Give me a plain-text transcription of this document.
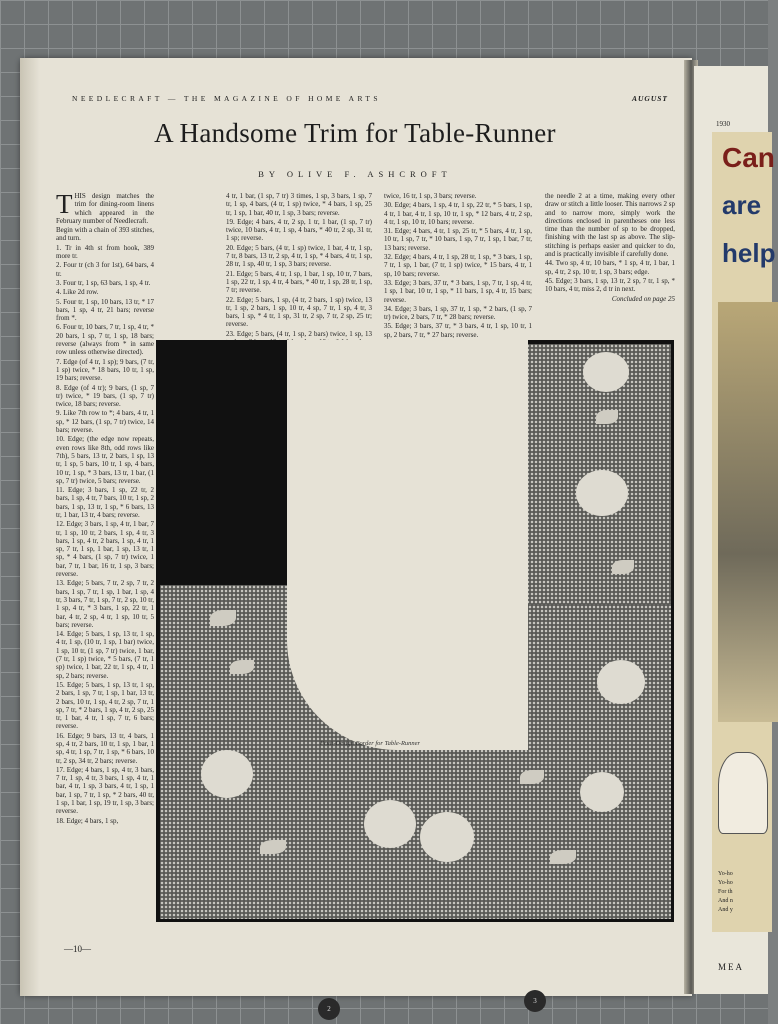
1930
Can
are
help
Yo-ho
Yo-ho
For th
And n
And y
MEA
NEEDLECRAFT — THE MAGAZINE OF HOME ARTS	AUGUST
A Handsome Trim for Table-Runner
BY OLIVE F. ASHCROFT

THIS design matches the trim for dining-room linens which appeared in the February number of Needlecraft.

Begin with a chain of 393 stitches, and turn.

1. Tr in 4th st from hook, 389 more tr.

2. Four tr (ch 3 for 1st), 64 bars, 4 tr.

3. Four tr, 1 sp, 63 bars, 1 sp, 4 tr.

4. Like 2d row.

5. Four tr, 1 sp, 10 bars, 13 tr, * 17 bars, 1 sp, 4 tr, 21 bars; reverse from *.

6. Four tr, 10 bars, 7 tr, 1 sp, 4 tr, * 20 bars, 1 sp, 7 tr, 1 sp, 18 bars; reverse (always from * in same row unless otherwise directed).

7. Edge (of 4 tr, 1 sp); 9 bars, (7 tr, 1 sp) twice, * 18 bars, 10 tr, 1 sp, 19 bars; reverse.

8. Edge (of 4 tr); 9 bars, (1 sp, 7 tr) twice, * 19 bars, (1 sp, 7 tr) twice, 18 bars; reverse.

9. Like 7th row to *; 4 bars, 4 tr, 1 sp, * 12 bars, (1 sp, 7 tr) twice, 14 bars; reverse.

10. Edge; (the edge now repeats, even rows like 8th, odd rows like 7th), 5 bars, 13 tr, 2 bars, 1 sp, 13 tr, 1 sp, 5 bars, 10 tr, 1 sp, 4 bars, 10 tr, 1 sp, * 3 bars, 13 tr, 1 bar, (1 sp, 7 tr) twice, 5 bars; reverse.

11. Edge; 3 bars, 1 sp, 22 tr, 2 bars, 1 sp, 4 tr, 7 bars, 10 tr, 1 sp, 2 bars, 1 sp, 13 tr, 1 sp, * 6 bars, 13 tr, 1 bar, 13 tr, 4 bars; reverse.

12. Edge; 3 bars, 1 sp, 4 tr, 1 bar, 7 tr, 1 sp, 10 tr, 2 bars, 1 sp, 4 tr, 3 bars, 1 sp, 4 tr, 2 bars, 1 sp, 4 tr, 1 sp, 7 tr, 1 sp, 1 bar, 1 sp, 13 tr, 1 sp, * 4 bars, (1 sp, 7 tr) twice, 1 bar, 7 tr, 1 bar, 16 tr, 1 sp, 3 bars; reverse.

13. Edge; 5 bars, 7 tr, 2 sp, 7 tr, 2 bars, 1 sp, 7 tr, 1 sp, 1 bar, 1 sp, 4 tr, 3 bars, 7 tr, 1 sp, 7 tr, 2 sp, 10 tr, 1 sp, 4 tr, * 3 bars, 1 sp, 22 tr, 1 bar, 4 tr, 2 sp, 4 tr, 1 sp, 10 tr, 5 bars; reverse.

14. Edge; 5 bars, 1 sp, 13 tr, 1 sp, 4 tr, 1 sp, (10 tr, 1 sp, 1 bar) twice, 1 sp, 10 tr, (1 sp, 7 tr) twice, 1 bar, (7 tr, 1 sp) twice, * 5 bars, (7 tr, 1 sp) twice, 1 bar, 22 tr, 1 sp, 4 tr, 1 sp, 2 bars; reverse.

15. Edge; 5 bars, 1 sp, 13 tr, 1 sp, 2 bars, 1 sp, 7 tr, 1 sp, 1 bar, 13 tr, 2 bars, 10 tr, 1 sp, 4 tr, 2 sp, 7 tr, 1 sp, 7 tr, * 2 bars, 1 sp, 4 tr, 2 sp, 25 tr, 1 bar, 4 tr, 1 sp, 7 tr, 6 bars; reverse.

16. Edge; 9 bars, 13 tr, 4 bars, 1 sp, 4 tr, 2 bars, 10 tr, 1 sp, 1 bar, 1 sp, 4 tr, 1 sp, 7 tr, 1 sp, * 6 bars, 10 tr, 2 sp, 34 tr, 2 bars; reverse.

17. Edge; 4 bars, 1 sp, 4 tr, 3 bars, 7 tr, 1 sp, 4 tr, 3 bars, 1 sp, 4 tr, 1 bar, 4 tr, 1 sp, 3 bars, 4 tr, 1 sp, 1 bar, 1 sp, 7 tr, 1 sp, * 2 bars, 40 tr, 1 sp, 1 bar, 1 sp, 19 tr, 1 sp, 3 bars; reverse.

18. Edge; 4 bars, 1 sp,

4 tr, 1 bar, (1 sp, 7 tr) 3 times, 1 sp, 3 bars, 1 sp, 7 tr, 1 sp, 4 bars, (4 tr, 1 sp) twice, * 4 bars, 1 sp, 25 tr, 1 sp, 1 bar, 40 tr, 1 sp, 3 bars; reverse.

19. Edge; 4 bars, 4 tr, 2 sp, 1 tr, 1 bar, (1 sp, 7 tr) twice, 10 bars, 4 tr, 1 sp, 4 bars, * 40 tr, 2 sp, 31 tr, 1 sp; reverse.

20. Edge; 5 bars, (4 tr, 1 sp) twice, 1 bar, 4 tr, 1 sp, 7 tr, 8 bars, 13 tr, 2 sp, 4 tr, 1 sp, * 4 bars, 4 tr, 1 sp, 28 tr, 1 sp, 40 tr, 1 sp, 3 bars; reverse.

21. Edge; 5 bars, 4 tr, 1 sp, 1 bar, 1 sp, 10 tr, 7 bars, 1 sp, 22 tr, 1 sp, 4 tr, 4 bars, * 40 tr, 1 sp, 28 tr, 1 sp, 7 tr; reverse.

22. Edge; 5 bars, 1 sp, (4 tr, 2 bars, 1 sp) twice, 13 tr, 1 sp, 2 bars, 1 sp, 10 tr, 4 sp, 7 tr, 1 sp, 4 tr, 3 bars, 1 sp, * 4 tr, 1 sp, 31 tr, 2 sp, 7 tr, 2 sp, 25 tr; reverse.

23. Edge; 5 bars, (4 tr, 1 sp, 2 bars) twice, 1 sp, 13

twice, 16 tr, 1 sp, 3 bars; reverse.

30. Edge; 4 bars, 1 sp, 4 tr, 1 sp, 22 tr, * 5 bars, 1 sp, 4 tr, 1 bar, 4 tr, 1 sp, 10 tr, 1 sp, * 12 bars, 4 tr, 2 sp, 4 tr, 1 sp, 10 tr, 10 bars; reverse.

31. Edge; 4 bars, 4 tr, 1 sp, 25 tr, * 5 bars, 4 tr, 1 sp, 10 tr, 1 sp, 7 tr, * 10 bars, 1 sp, 7 tr, 1 sp, 1 bar, 7 tr, 13 bars; reverse.

32. Edge; 4 bars, 4 tr, 1 sp, 28 tr, 1 sp, * 3 bars, 1 sp, 7 tr, 1 sp, 1 bar, (7 tr, 1 sp) twice, * 15 bars, 4 tr, 1 sp, 10 bars; reverse.

33. Edge; 3 bars, 37 tr, * 3 bars, 1 sp, 7 tr, 1 sp, 4 tr, 1 sp, 1 bar, 10 tr, 1 sp, * 11 bars, 1 sp, 4 tr, 15 bars; reverse.

34. Edge; 3 bars, 1 sp, 37 tr, 1 sp, * 2 bars, (1 sp, 7 tr) twice, 2 bars, 7 tr, * 28 bars; reverse.

35. Edge; 3 bars, 37 tr, * 3 bars, 4 tr, 1 sp, 10 tr, 1 sp, 2 bars, 7 tr, * 27 bars; reverse.

the needle 2 at a time, making every other draw or stitch a little looser. This narrows 2 sp and to narrow more, simply work the directions enclosed in parentheses one less time than the number of sp to be dropped, finishing with the last sp as above. The slip-stitching is perhaps easier and quicker to do, and is practically invisible if carefully done.

44. Two sp, 4 tr, 10 bars, * 1 sp, 4 tr, 1 bar, 1 sp, 4 tr, 2 sp, 10 tr, 1 sp, 3 bars; edge.

45. Edge; 3 bars, 1 sp, 13 tr, 2 sp, 7 tr, 1 sp, * 10 bars, 4 tr, miss 2, d tr in next.

Concluded on page 25

Fruit-Design Border for Table-Runner
—10—
2
3
